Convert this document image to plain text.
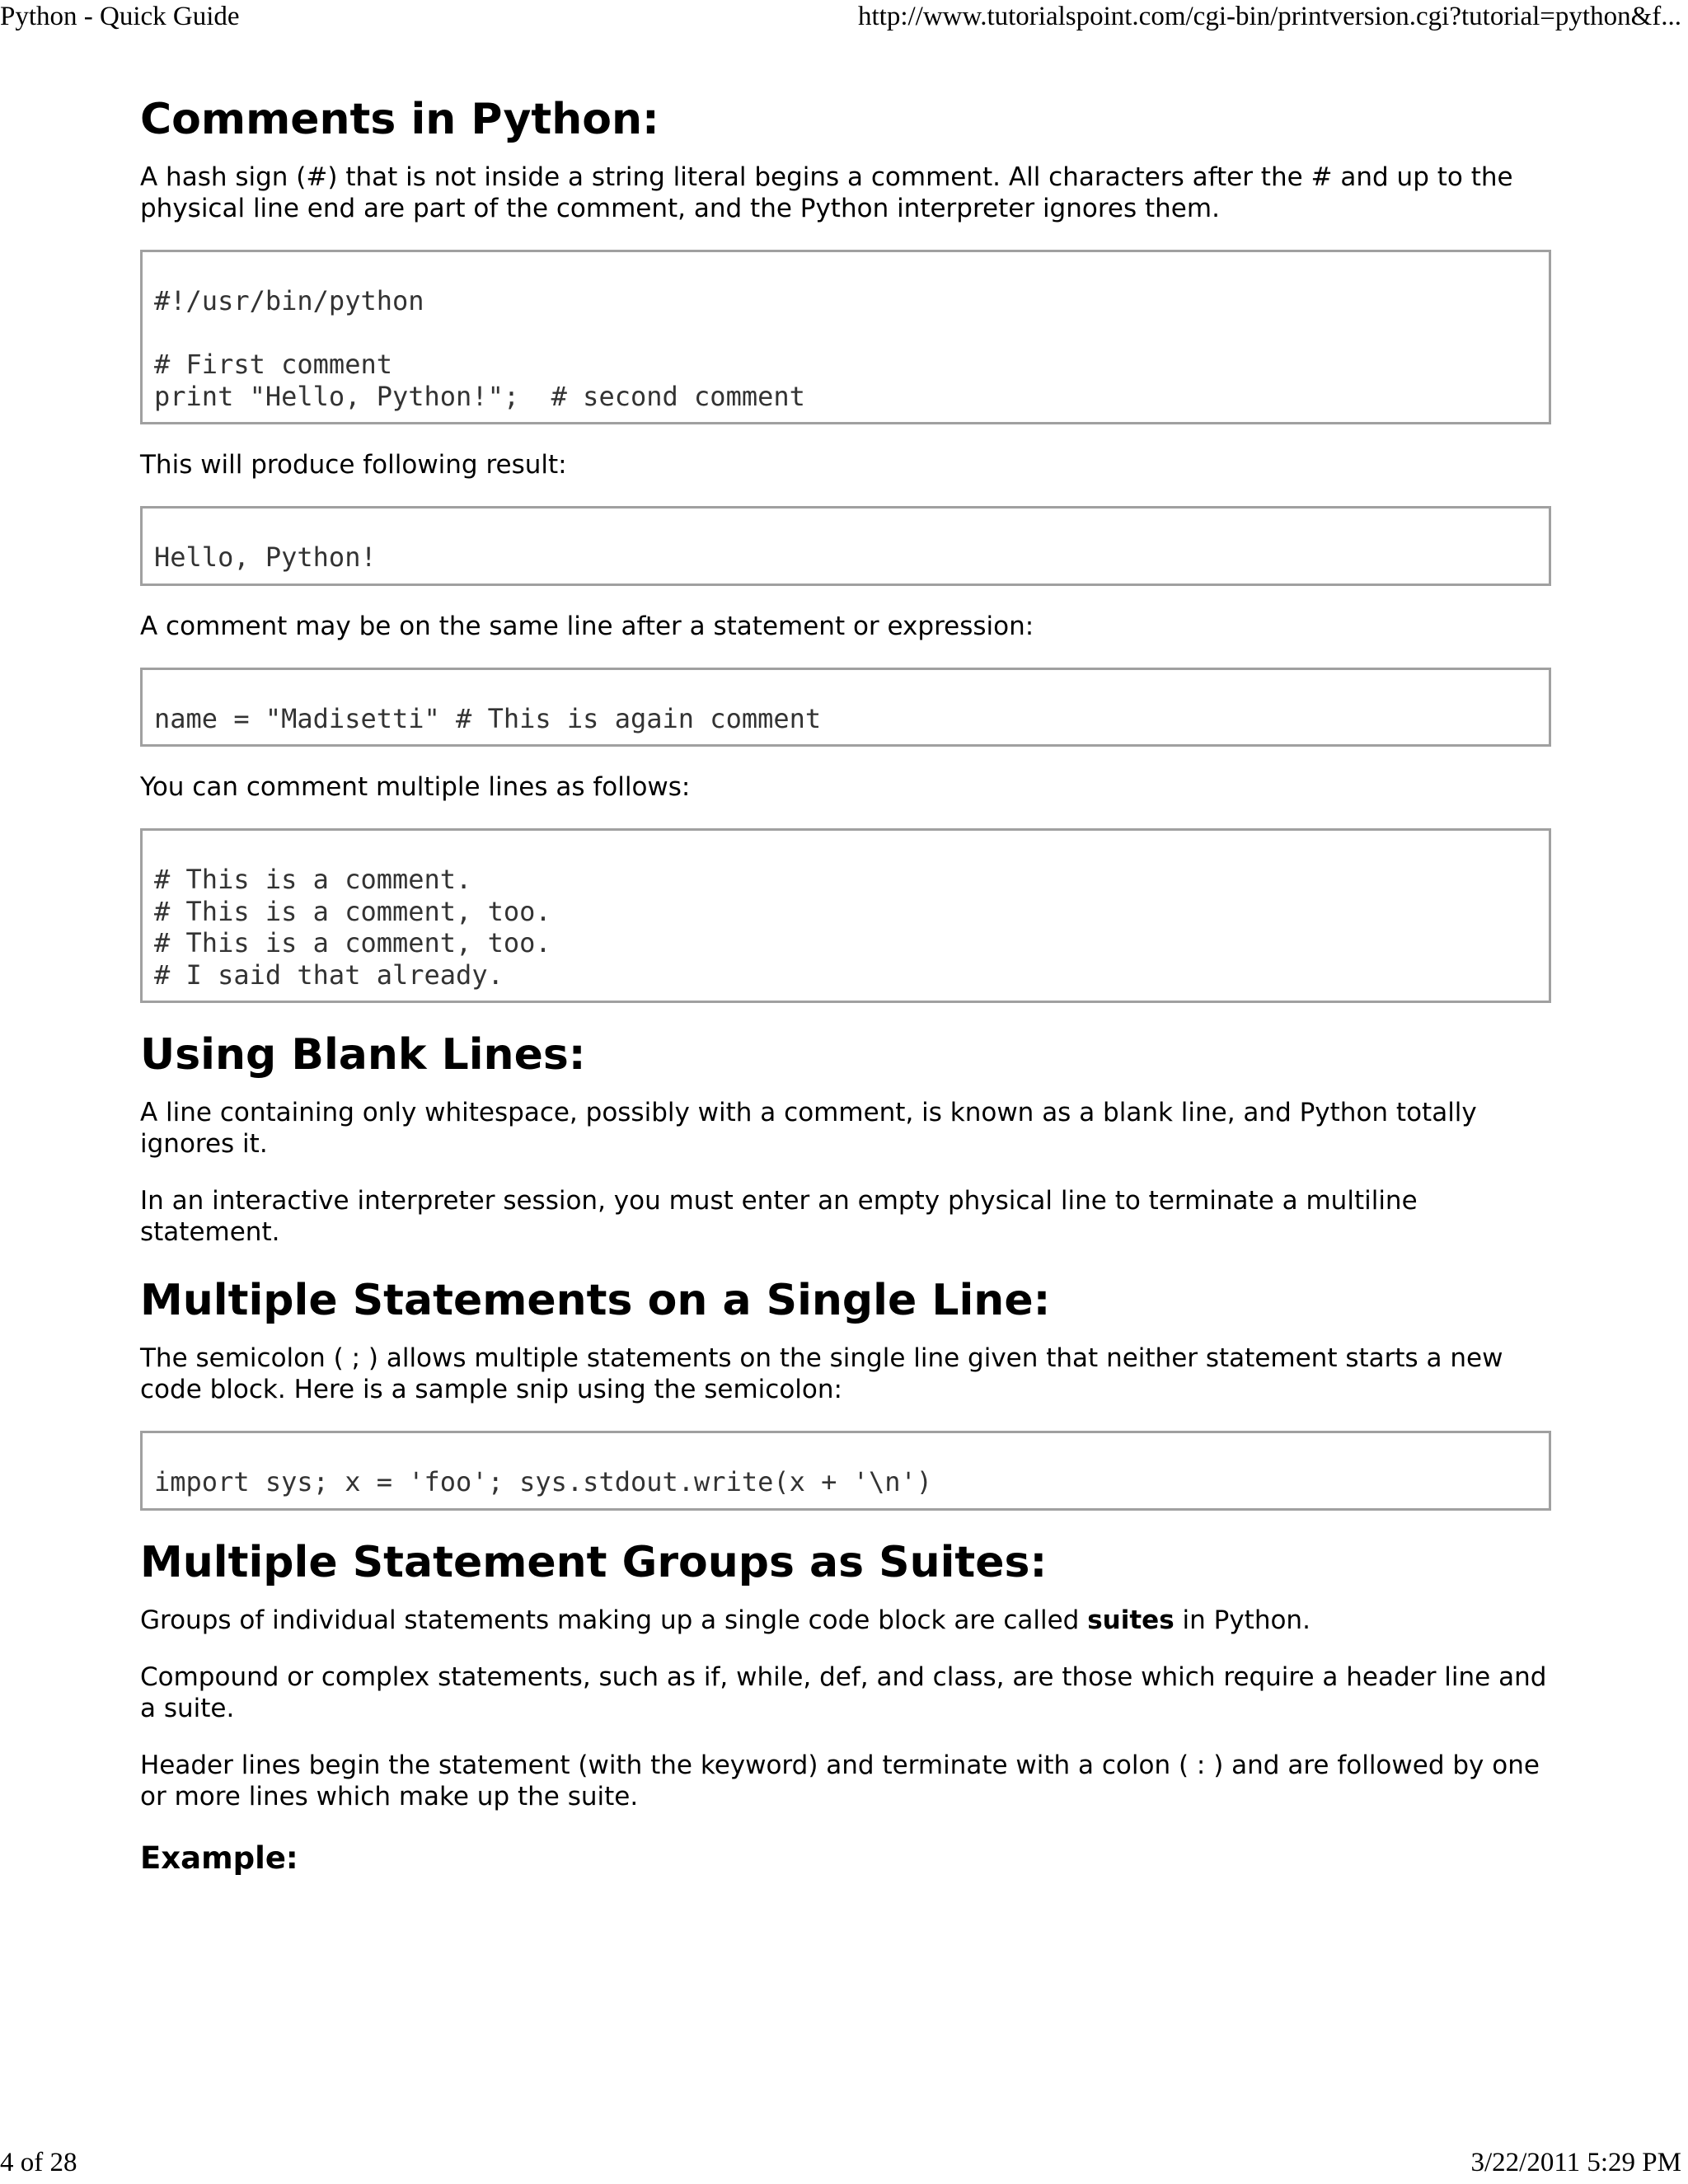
Python - Quick Guide	http://www.tutorialspoint.com/cgi-bin/printversion.cgi?tutorial=python&f...
Comments in Python:

A hash sign (#) that is not inside a string literal begins a comment. All characters after the # and up to the physical line end are part of the comment, and the Python interpreter ignores them.

#!/usr/bin/python
# First comment
print "Hello, Python!";  # second comment

This will produce following result:

Hello, Python!

A comment may be on the same line after a statement or expression:

name = "Madisetti" # This is again comment

You can comment multiple lines as follows:

# This is a comment.
# This is a comment, too.
# This is a comment, too.
# I said that already.
Using Blank Lines:

A line containing only whitespace, possibly with a comment, is known as a blank line, and Python totally ignores it.

In an interactive interpreter session, you must enter an empty physical line to terminate a multiline statement.

Multiple Statements on a Single Line:

The semicolon ( ; ) allows multiple statements on the single line given that neither statement starts a new code block. Here is a sample snip using the semicolon:

import sys; x = 'foo'; sys.stdout.write(x + '\n')
Multiple Statement Groups as Suites:

Groups of individual statements making up a single code block are called suites in Python.

Compound or complex statements, such as if, while, def, and class, are those which require a header line and a suite.

Header lines begin the statement (with the keyword) and terminate with a colon ( : ) and are followed by one or more lines which make up the suite.

Example:
4 of 28	3/22/2011 5:29 PM
